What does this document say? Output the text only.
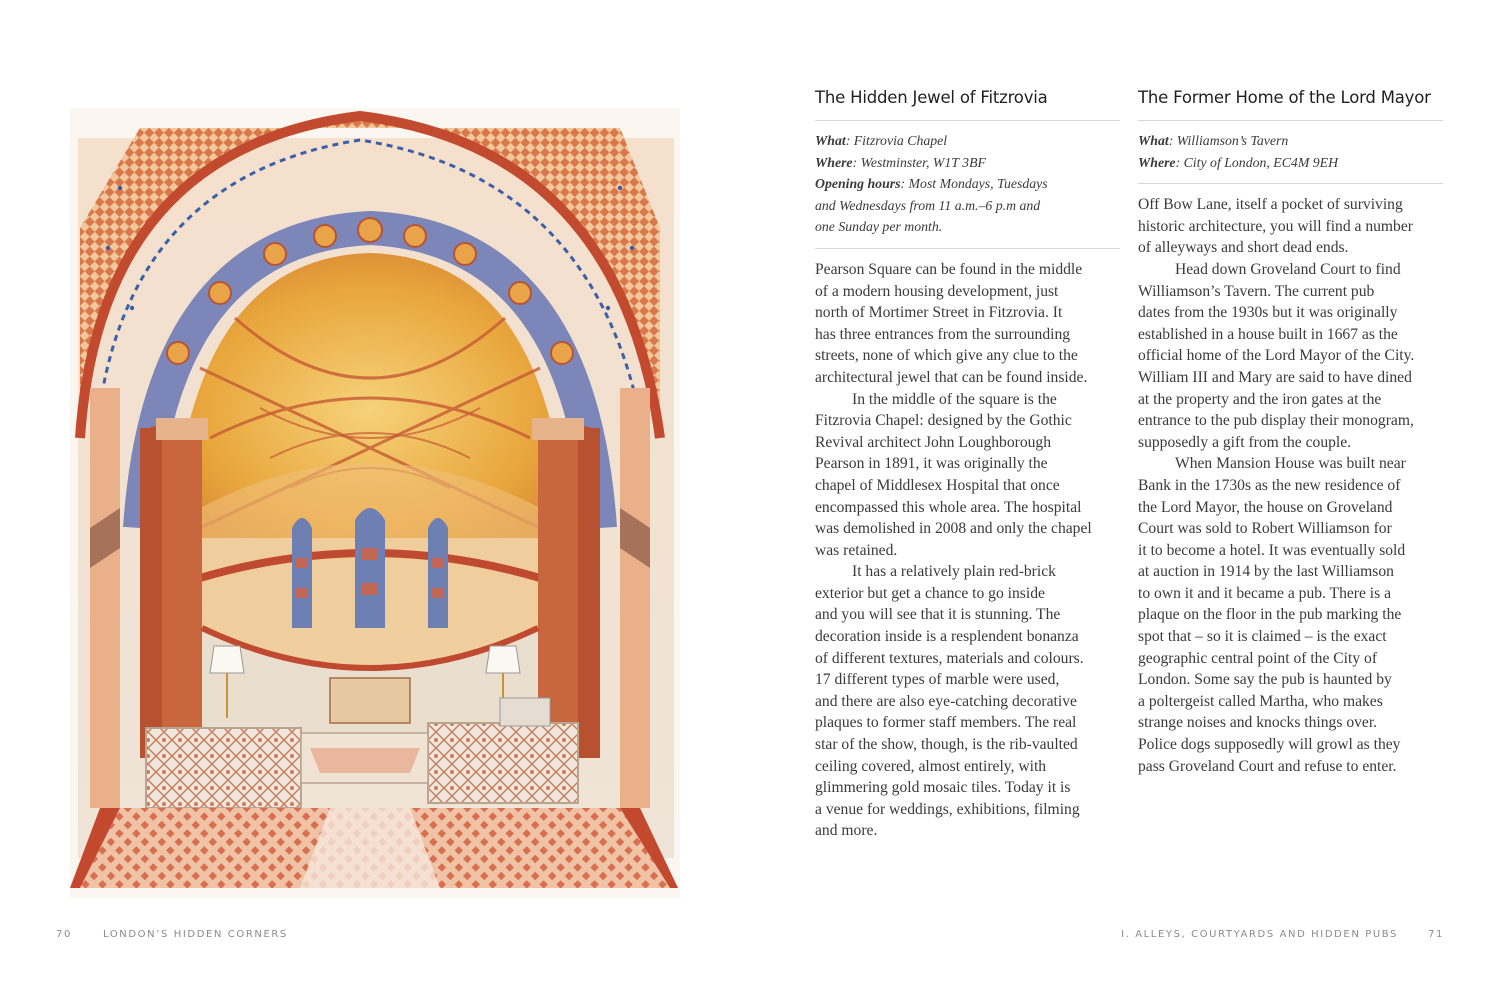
The Hidden Jewel of Fitzrovia
What: Fitzrovia Chapel
Where: Westminster, W1T 3BF
Opening hours: Most Mondays, Tuesdays
and Wednesdays from 11 a.m.–6 p.m and
one Sunday per month.
Pearson Square can be found in the middle
of a modern housing development, just
north of Mortimer Street in Fitzrovia. It
has three entrances from the surrounding
streets, none of which give any clue to the
architectural jewel that can be found inside.
In the middle of the square is the
Fitzrovia Chapel: designed by the Gothic
Revival architect John Loughborough
Pearson in 1891, it was originally the
chapel of Middlesex Hospital that once
encompassed this whole area. The hospital
was demolished in 2008 and only the chapel
was retained.
It has a relatively plain red-brick
exterior but get a chance to go inside
and you will see that it is stunning. The
decoration inside is a resplendent bonanza
of different textures, materials and colours.
17 different types of marble were used,
and there are also eye-catching decorative
plaques to former staff members. The real
star of the show, though, is the rib-vaulted
ceiling covered, almost entirely, with
glimmering gold mosaic tiles. Today it is
a venue for weddings, exhibitions, filming
and more.
The Former Home of the Lord Mayor
What: Williamson’s Tavern
Where: City of London, EC4M 9EH
Off Bow Lane, itself a pocket of surviving
historic architecture, you will find a number
of alleyways and short dead ends.
Head down Groveland Court to find
Williamson’s Tavern. The current pub
dates from the 1930s but it was originally
established in a house built in 1667 as the
official home of the Lord Mayor of the City.
William III and Mary are said to have dined
at the property and the iron gates at the
entrance to the pub display their monogram,
supposedly a gift from the couple.
When Mansion House was built near
Bank in the 1730s as the new residence of
the Lord Mayor, the house on Groveland
Court was sold to Robert Williamson for
it to become a hotel. It was eventually sold
at auction in 1914 by the last Williamson
to own it and it became a pub. There is a
plaque on the floor in the pub marking the
spot that – so it is claimed – is the exact
geographic central point of the City of
London. Some say the pub is haunted by
a poltergeist called Martha, who makes
strange noises and knocks things over.
Police dogs supposedly will growl as they
pass Groveland Court and refuse to enter.
70	LONDON’S HIDDEN CORNERS	I. ALLEYS, COURTYARDS AND HIDDEN PUBS	71
